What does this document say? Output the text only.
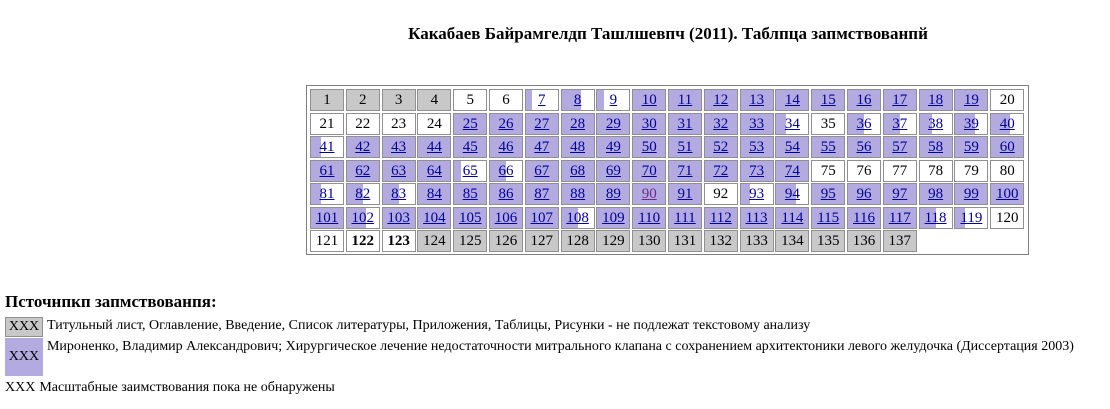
Какабаев Байрамгелдп Ташлшевпч (2011). Таблпца запмствованпй
1	2	3	4	5	6	7	8	9	10	11	12	13	14	15	16	17	18	19	20
21	22	23	24	25	26	27	28	29	30	31	32	33	34	35	36	37	38	39	40
41	42	43	44	45	46	47	48	49	50	51	52	53	54	55	56	57	58	59	60
61	62	63	64	65	66	67	68	69	70	71	72	73	74	75	76	77	78	79	80
81	82	83	84	85	86	87	88	89	90	91	92	93	94	95	96	97	98	99	100
101 102 103 104 105 106 107 108 109 110 111 112 113 114 115 116 117 118 119 120
121 122 123 124 125 126 127 128 129 130 131 132 133 134 135 136 137
Псточнпкп запмствованпя:
XXX Титульный лист, Оглавление, Введение, Список литературы, Приложения, Таблицы, Рисунки - не подлежат текстовому анализу
XXX
Мироненко, Владимир Александрович; Хирургическое лечение недостаточности митрального клапана с сохранением архитектоники левого желудочка (Диссертация 2003)
XXX Масштабные заимствования пока не обнаружены
